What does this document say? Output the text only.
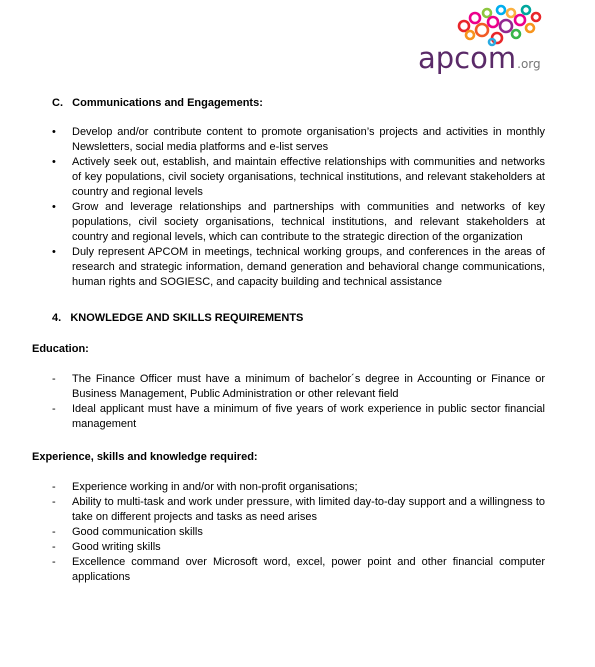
apcom.org
C.   Communications and Engagements:
•	Develop and/or contribute content to promote organisation’s projects and activities in monthly Newsletters, social media platforms and e-list serves
•	Actively seek out, establish, and maintain effective relationships with communities and networks of key populations, civil society organisations, technical institutions, and relevant stakeholders at country and regional levels
•	Grow and leverage relationships and partnerships with communities and networks of key populations, civil society organisations, technical institutions, and relevant stakeholders at country and regional levels, which can contribute to the strategic direction of the organization
•	Duly represent APCOM in meetings, technical working groups, and conferences in the areas of research and strategic information, demand generation and behavioral change communications, human rights and SOGIESC, and capacity building and technical assistance
4.   KNOWLEDGE AND SKILLS REQUIREMENTS
Education:
- The Finance Officer must have a minimum of bachelor´s degree in Accounting or Finance or Business Management, Public Administration or other relevant field
- Ideal applicant must have a minimum of five years of work experience in public sector financial management
Experience, skills and knowledge required:
- Experience working in and/or with non-profit organisations;
- Ability to multi-task and work under pressure, with limited day-to-day support and a willingness to take on different projects and tasks as need arises
- Good communication skills
- Good writing skills
- Excellence command over Microsoft word, excel, power point and other financial computer applications
